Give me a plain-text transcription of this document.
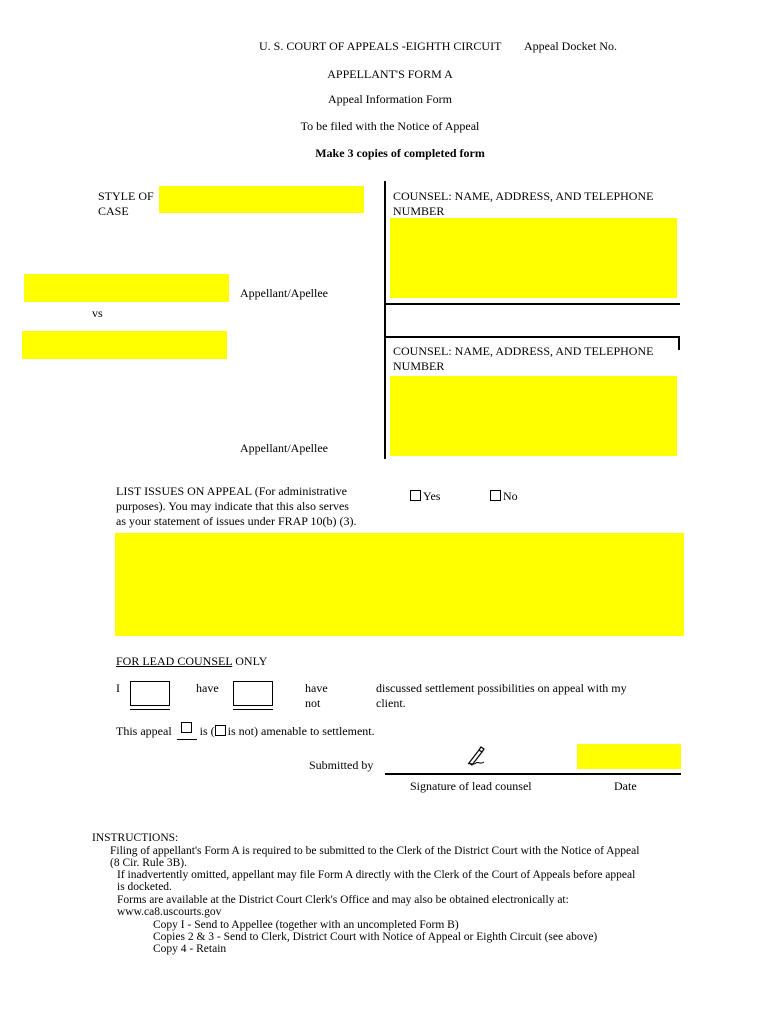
U. S. COURT OF APPEALS -EIGHTH CIRCUIT Appeal Docket No.
APPELLANT'S FORM A
Appeal Information Form
To be filed with the Notice of Appeal
Make 3 copies of completed form
STYLE OF
CASE
Appellant/Apellee
vs
Appellant/Apellee
COUNSEL: NAME, ADDRESS, AND TELEPHONE
NUMBER
COUNSEL: NAME, ADDRESS, AND TELEPHONE
NUMBER
LIST ISSUES ON APPEAL (For administrative
purposes). You may indicate that this also serves
as your statement of issues under FRAP 10(b) (3).
Yes	No
FOR LEAD COUNSEL ONLY
I	have	have
not
discussed settlement possibilities on appeal with my
client.
This appeal is ( is not) amenable to settlement.
Submitted by
Signature of lead counsel	Date
INSTRUCTIONS:
Filing of appellant's Form A is required to be submitted to the Clerk of the District Court with the Notice of Appeal
(8 Cir. Rule 3B).
If inadvertently omitted, appellant may file Form A directly with the Clerk of the Court of Appeals before appeal
is docketed.
Forms are available at the District Court Clerk's Office and may also be obtained electronically at:
www.ca8.uscourts.gov
Copy I - Send to Appellee (together with an uncompleted Form B)
Copies 2 & 3 - Send to Clerk, District Court with Notice of Appeal or Eighth Circuit (see above)
Copy 4 - Retain
